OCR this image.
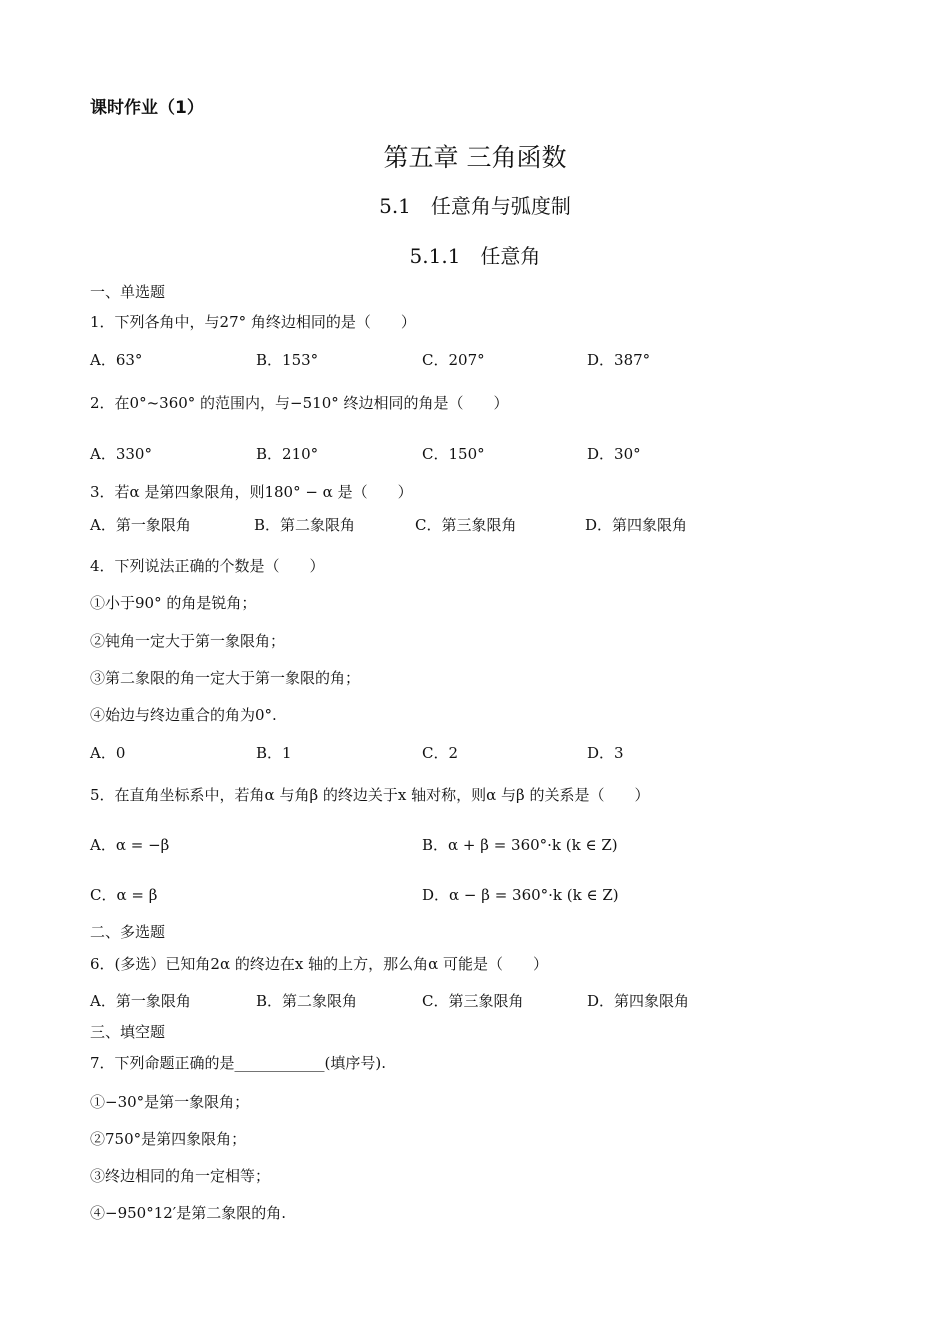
课时作业（1）
第五章 三角函数
5.1　任意角与弧度制
5.1.1　任意角
一、单选题
1．下列各角中，与27° 角终边相同的是（　　）
A．63°	B．153°	C．207°	D．387°
2．在0°~360° 的范围内，与−510° 终边相同的角是（　　）
A．330°	B．210°	C．150°	D．30°
3．若α 是第四象限角，则180° − α 是（　　）
A．第一象限角	B．第二象限角	C．第三象限角	D．第四象限角
4．下列说法正确的个数是（　　）
①小于90° 的角是锐角；
②钝角一定大于第一象限角；
③第二象限的角一定大于第一象限的角；
④始边与终边重合的角为0°.
A．0	B．1	C．2	D．3
5．在直角坐标系中，若角α 与角β 的终边关于x 轴对称，则α 与β 的关系是（　　）
A．α = −β	B．α + β = 360°·k (k ∈ Z)
C．α = β	D．α − β = 360°·k (k ∈ Z)
二、多选题
6．(多选）已知角2α 的终边在x 轴的上方，那么角α 可能是（　　）
A．第一象限角	B．第二象限角	C．第三象限角	D．第四象限角
三、填空题
7．下列命题正确的是____________(填序号).
①−30°是第一象限角；
②750°是第四象限角；
③终边相同的角一定相等；
④−950°12′是第二象限的角.
